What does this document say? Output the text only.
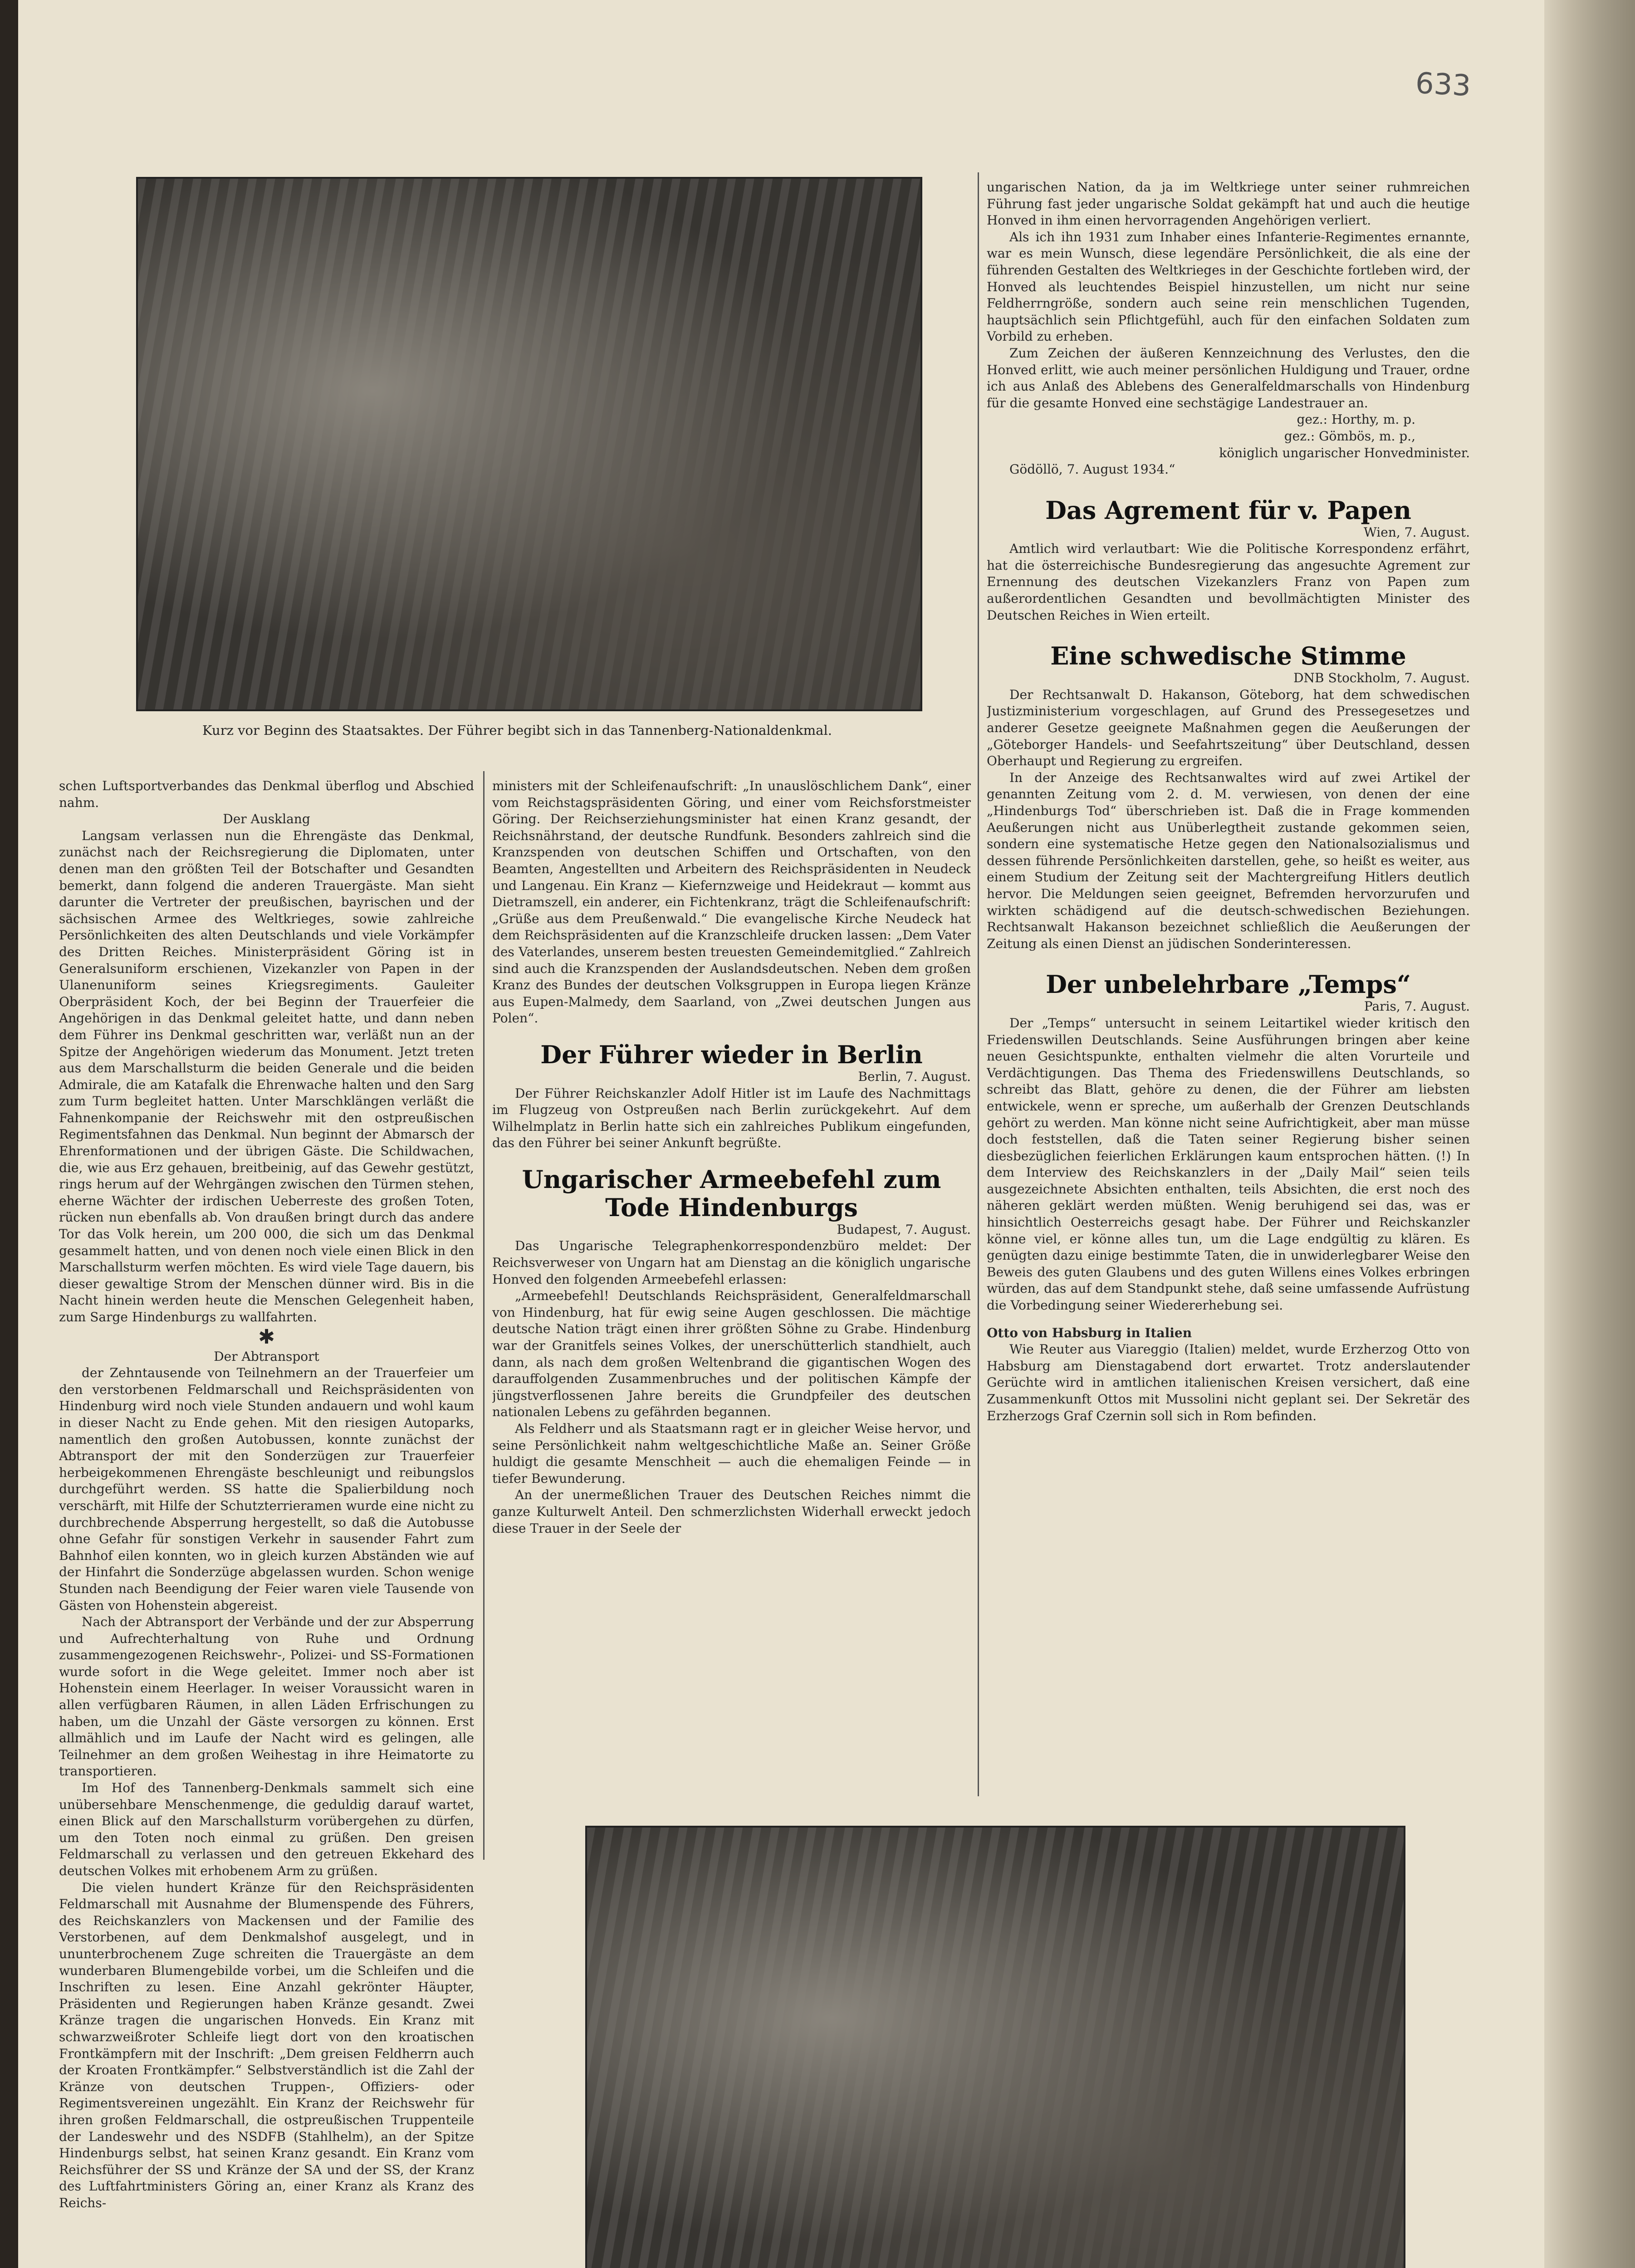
633
Kurz vor Beginn des Staatsaktes. Der Führer begibt sich in das Tannenberg-Nationaldenkmal.

schen Luftsportverbandes das Denkmal überflog und Abschied nahm.

Der Ausklang

Langsam verlassen nun die Ehrengäste das Denkmal, zunächst nach der Reichsregierung die Diplomaten, unter denen man den größten Teil der Botschafter und Gesandten bemerkt, dann folgend die anderen Trauergäste. Man sieht darunter die Vertreter der preußischen, bayrischen und der sächsischen Armee des Weltkrieges, sowie zahlreiche Persönlichkeiten des alten Deutschlands und viele Vorkämpfer des Dritten Reiches. Ministerpräsident Göring ist in Generalsuniform erschienen, Vizekanzler von Papen in der Ulanenuniform seines Kriegsregiments. Gauleiter Oberpräsident Koch, der bei Beginn der Trauerfeier die Angehörigen in das Denkmal geleitet hatte, und dann neben dem Führer ins Denkmal geschritten war, verläßt nun an der Spitze der Angehörigen wiederum das Monument. Jetzt treten aus dem Marschallsturm die beiden Generale und die beiden Admirale, die am Katafalk die Ehrenwache halten und den Sarg zum Turm begleitet hatten. Unter Marschklängen verläßt die Fahnenkompanie der Reichswehr mit den ostpreußischen Regimentsfahnen das Denkmal. Nun beginnt der Abmarsch der Ehrenformationen und der übrigen Gäste. Die Schildwachen, die, wie aus Erz gehauen, breitbeinig, auf das Gewehr gestützt, rings herum auf der Wehrgängen zwischen den Türmen stehen, eherne Wächter der irdischen Ueberreste des großen Toten, rücken nun ebenfalls ab. Von draußen bringt durch das andere Tor das Volk herein, um 200 000, die sich um das Denkmal gesammelt hatten, und von denen noch viele einen Blick in den Marschallsturm werfen möchten. Es wird viele Tage dauern, bis dieser gewaltige Strom der Menschen dünner wird. Bis in die Nacht hinein werden heute die Menschen Gelegenheit haben, zum Sarge Hindenburgs zu wallfahrten.

✱

Der Abtransport

der Zehntausende von Teilnehmern an der Trauerfeier um den verstorbenen Feldmarschall und Reichspräsidenten von Hindenburg wird noch viele Stunden andauern und wohl kaum in dieser Nacht zu Ende gehen. Mit den riesigen Autoparks, namentlich den großen Autobussen, konnte zunächst der Abtransport der mit den Sonderzügen zur Trauerfeier herbeigekommenen Ehrengäste beschleunigt und reibungslos durchgeführt werden. SS hatte die Spalierbildung noch verschärft, mit Hilfe der Schutzterrieramen wurde eine nicht zu durchbrechende Absperrung hergestellt, so daß die Autobusse ohne Gefahr für sonstigen Verkehr in sausender Fahrt zum Bahnhof eilen konnten, wo in gleich kurzen Abständen wie auf der Hinfahrt die Sonderzüge abgelassen wurden. Schon wenige Stunden nach Beendigung der Feier waren viele Tausende von Gästen von Hohenstein abgereist.

Nach der Abtransport der Verbände und der zur Absperrung und Aufrechterhaltung von Ruhe und Ordnung zusammengezogenen Reichswehr-, Polizei- und SS-Formationen wurde sofort in die Wege geleitet. Immer noch aber ist Hohenstein einem Heerlager. In weiser Voraussicht waren in allen verfügbaren Räumen, in allen Läden Erfrischungen zu haben, um die Unzahl der Gäste versorgen zu können. Erst allmählich und im Laufe der Nacht wird es gelingen, alle Teilnehmer an dem großen Weihestag in ihre Heimatorte zu transportieren.

Im Hof des Tannenberg-Denkmals sammelt sich eine unübersehbare Menschenmenge, die geduldig darauf wartet, einen Blick auf den Marschallsturm vorübergehen zu dürfen, um den Toten noch einmal zu grüßen. Den greisen Feldmarschall zu verlassen und den getreuen Ekkehard des deutschen Volkes mit erhobenem Arm zu grüßen.

Die vielen hundert Kränze für den Reichspräsidenten Feldmarschall mit Ausnahme der Blumenspende des Führers, des Reichskanzlers von Mackensen und der Familie des Verstorbenen, auf dem Denkmalshof ausgelegt, und in ununterbrochenem Zuge schreiten die Trauergäste an dem wunderbaren Blumengebilde vorbei, um die Schleifen und die Inschriften zu lesen. Eine Anzahl gekrönter Häupter, Präsidenten und Regierungen haben Kränze gesandt. Zwei Kränze tragen die ungarischen Honveds. Ein Kranz mit schwarzweißroter Schleife liegt dort von den kroatischen Frontkämpfern mit der Inschrift: „Dem greisen Feldherrn auch der Kroaten Frontkämpfer.“ Selbstverständlich ist die Zahl der Kränze von deutschen Truppen-, Offiziers- oder Regimentsvereinen ungezählt. Ein Kranz der Reichswehr für ihren großen Feldmarschall, die ostpreußischen Truppenteile der Landeswehr und des NSDFB (Stahlhelm), an der Spitze Hindenburgs selbst, hat seinen Kranz gesandt. Ein Kranz vom Reichsführer der SS und Kränze der SA und der SS, der Kranz des Luftfahrtministers Göring an, einer Kranz als Kranz des Reichs-

ministers mit der Schleifenaufschrift: „In unauslöschlichem Dank“, einer vom Reichstagspräsidenten Göring, und einer vom Reichsforstmeister Göring. Der Reichserziehungsminister hat einen Kranz gesandt, der Reichsnährstand, der deutsche Rundfunk. Besonders zahlreich sind die Kranzspenden von deutschen Schiffen und Ortschaften, von den Beamten, Angestellten und Arbeitern des Reichspräsidenten in Neudeck und Langenau. Ein Kranz — Kiefernzweige und Heidekraut — kommt aus Dietramszell, ein anderer, ein Fichtenkranz, trägt die Schleifenaufschrift: „Grüße aus dem Preußenwald.“ Die evangelische Kirche Neudeck hat dem Reichspräsidenten auf die Kranzschleife drucken lassen: „Dem Vater des Vaterlandes, unserem besten treuesten Gemeindemitglied.“ Zahlreich sind auch die Kranzspenden der Auslandsdeutschen. Neben dem großen Kranz des Bundes der deutschen Volksgruppen in Europa liegen Kränze aus Eupen-Malmedy, dem Saarland, von „Zwei deutschen Jungen aus Polen“.

Der Führer wieder in Berlin

Berlin, 7. August.

Der Führer Reichskanzler Adolf Hitler ist im Laufe des Nachmittags im Flugzeug von Ostpreußen nach Berlin zurückgekehrt. Auf dem Wilhelmplatz in Berlin hatte sich ein zahlreiches Publikum eingefunden, das den Führer bei seiner Ankunft begrüßte.

Ungarischer Armeebefehl zum Tode Hindenburgs

Budapest, 7. August.

Das Ungarische Telegraphenkorrespondenzbüro meldet: Der Reichsverweser von Ungarn hat am Dienstag an die königlich ungarische Honved den folgenden Armeebefehl erlassen:

„Armeebefehl! Deutschlands Reichspräsident, Generalfeldmarschall von Hindenburg, hat für ewig seine Augen geschlossen. Die mächtige deutsche Nation trägt einen ihrer größten Söhne zu Grabe. Hindenburg war der Granitfels seines Volkes, der unerschütterlich standhielt, auch dann, als nach dem großen Weltenbrand die gigantischen Wogen des darauffolgenden Zusammenbruches und der politischen Kämpfe der jüngstverflossenen Jahre bereits die Grundpfeiler des deutschen nationalen Lebens zu gefährden begannen.

Als Feldherr und als Staatsmann ragt er in gleicher Weise hervor, und seine Persönlichkeit nahm weltgeschichtliche Maße an. Seiner Größe huldigt die gesamte Menschheit — auch die ehemaligen Feinde — in tiefer Bewunderung.

An der unermeßlichen Trauer des Deutschen Reiches nimmt die ganze Kulturwelt Anteil. Den schmerzlichsten Widerhall erweckt jedoch diese Trauer in der Seele der

ungarischen Nation, da ja im Weltkriege unter seiner ruhmreichen Führung fast jeder ungarische Soldat gekämpft hat und auch die heutige Honved in ihm einen hervorragenden Angehörigen verliert.

Als ich ihn 1931 zum Inhaber eines Infanterie-Regimentes ernannte, war es mein Wunsch, diese legendäre Persönlichkeit, die als eine der führenden Gestalten des Weltkrieges in der Geschichte fortleben wird, der Honved als leuchtendes Beispiel hinzustellen, um nicht nur seine Feldherrngröße, sondern auch seine rein menschlichen Tugenden, hauptsächlich sein Pflichtgefühl, auch für den einfachen Soldaten zum Vorbild zu erheben.

Zum Zeichen der äußeren Kennzeichnung des Verlustes, den die Honved erlitt, wie auch meiner persönlichen Huldigung und Trauer, ordne ich aus Anlaß des Ablebens des Generalfeldmarschalls von Hindenburg für die gesamte Honved eine sechstägige Landestrauer an.

gez.: Horthy, m. p.

gez.: Gömbös, m. p.,

königlich ungarischer Honvedminister.

Gödöllö, 7. August 1934.“

Das Agrement für v. Papen

Wien, 7. August.

Amtlich wird verlautbart: Wie die Politische Korrespondenz erfährt, hat die österreichische Bundesregierung das angesuchte Agrement zur Ernennung des deutschen Vizekanzlers Franz von Papen zum außerordentlichen Gesandten und bevollmächtigten Minister des Deutschen Reiches in Wien erteilt.

Eine schwedische Stimme

DNB Stockholm, 7. August.

Der Rechtsanwalt D. Hakanson, Göteborg, hat dem schwedischen Justizministerium vorgeschlagen, auf Grund des Pressegesetzes und anderer Gesetze geeignete Maßnahmen gegen die Aeußerungen der „Göteborger Handels- und Seefahrtszeitung“ über Deutschland, dessen Oberhaupt und Regierung zu ergreifen.

In der Anzeige des Rechtsanwaltes wird auf zwei Artikel der genannten Zeitung vom 2. d. M. verwiesen, von denen der eine „Hindenburgs Tod“ überschrieben ist. Daß die in Frage kommenden Aeußerungen nicht aus Unüberlegtheit zustande gekommen seien, sondern eine systematische Hetze gegen den Nationalsozialismus und dessen führende Persönlichkeiten darstellen, gehe, so heißt es weiter, aus einem Studium der Zeitung seit der Machtergreifung Hitlers deutlich hervor. Die Meldungen seien geeignet, Befremden hervorzurufen und wirkten schädigend auf die deutsch-schwedischen Beziehungen. Rechtsanwalt Hakanson bezeichnet schließlich die Aeußerungen der Zeitung als einen Dienst an jüdischen Sonderinteressen.

Der unbelehrbare „Temps“

Paris, 7. August.

Der „Temps“ untersucht in seinem Leitartikel wieder kritisch den Friedenswillen Deutschlands. Seine Ausführungen bringen aber keine neuen Gesichtspunkte, enthalten vielmehr die alten Vorurteile und Verdächtigungen. Das Thema des Friedenswillens Deutschlands, so schreibt das Blatt, gehöre zu denen, die der Führer am liebsten entwickele, wenn er spreche, um außerhalb der Grenzen Deutschlands gehört zu werden. Man könne nicht seine Aufrichtigkeit, aber man müsse doch feststellen, daß die Taten seiner Regierung bisher seinen diesbezüglichen feierlichen Erklärungen kaum entsprochen hätten. (!) In dem Interview des Reichskanzlers in der „Daily Mail“ seien teils ausgezeichnete Absichten enthalten, teils Absichten, die erst noch des näheren geklärt werden müßten. Wenig beruhigend sei das, was er hinsichtlich Oesterreichs gesagt habe. Der Führer und Reichskanzler könne viel, er könne alles tun, um die Lage endgültig zu klären. Es genügten dazu einige bestimmte Taten, die in unwiderlegbarer Weise den Beweis des guten Glaubens und des guten Willens eines Volkes erbringen würden, das auf dem Standpunkt stehe, daß seine umfassende Aufrüstung die Vorbedingung seiner Wiedererhebung sei.

Otto von Habsburg in Italien

Wie Reuter aus Viareggio (Italien) meldet, wurde Erzherzog Otto von Habsburg am Dienstagabend dort erwartet. Trotz anderslautender Gerüchte wird in amtlichen italienischen Kreisen versichert, daß eine Zusammenkunft Ottos mit Mussolini nicht geplant sei. Der Sekretär des Erzherzogs Graf Czernin soll sich in Rom befinden.
